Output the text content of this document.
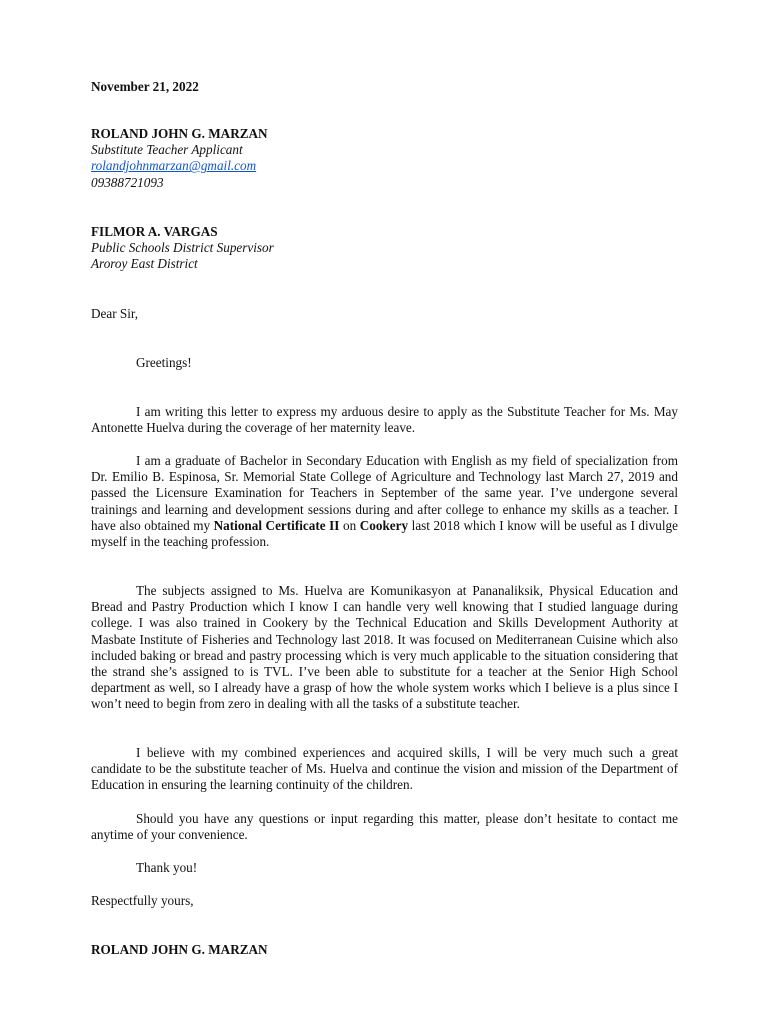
November 21, 2022

ROLAND JOHN G. MARZAN

Substitute Teacher Applicant

rolandjohnmarzan@gmail.com

09388721093

FILMOR A. VARGAS

Public Schools District Supervisor

Aroroy East District

Dear Sir,

Greetings!

I am writing this letter to express my arduous desire to apply as the Substitute Teacher for Ms. May Antonette Huelva during the coverage of her maternity leave.

I am a graduate of Bachelor in Secondary Education with English as my field of specialization from Dr. Emilio B. Espinosa, Sr. Memorial State College of Agriculture and Technology last March 27, 2019 and passed the Licensure Examination for Teachers in September of the same year. I’ve undergone several trainings and learning and development sessions during and after college to enhance my skills as a teacher. I have also obtained my National Certificate II on Cookery last 2018 which I know will be useful as I divulge myself in the teaching profession.

The subjects assigned to Ms. Huelva are Komunikasyon at Pananaliksik, Physical Education and Bread and Pastry Production which I know I can handle very well knowing that I studied language during college. I was also trained in Cookery by the Technical Education and Skills Development Authority at Masbate Institute of Fisheries and Technology last 2018. It was focused on Mediterranean Cuisine which also included baking or bread and pastry processing which is very much applicable to the situation considering that the strand she’s assigned to is TVL. I’ve been able to substitute for a teacher at the Senior High School department as well, so I already have a grasp of how the whole system works which I believe is a plus since I won’t need to begin from zero in dealing with all the tasks of a substitute teacher.

I believe with my combined experiences and acquired skills, I will be very much such a great candidate to be the substitute teacher of Ms. Huelva and continue the vision and mission of the Department of Education in ensuring the learning continuity of the children.

Should you have any questions or input regarding this matter, please don’t hesitate to contact me anytime of your convenience.

Thank you!

Respectfully yours,

ROLAND JOHN G. MARZAN
